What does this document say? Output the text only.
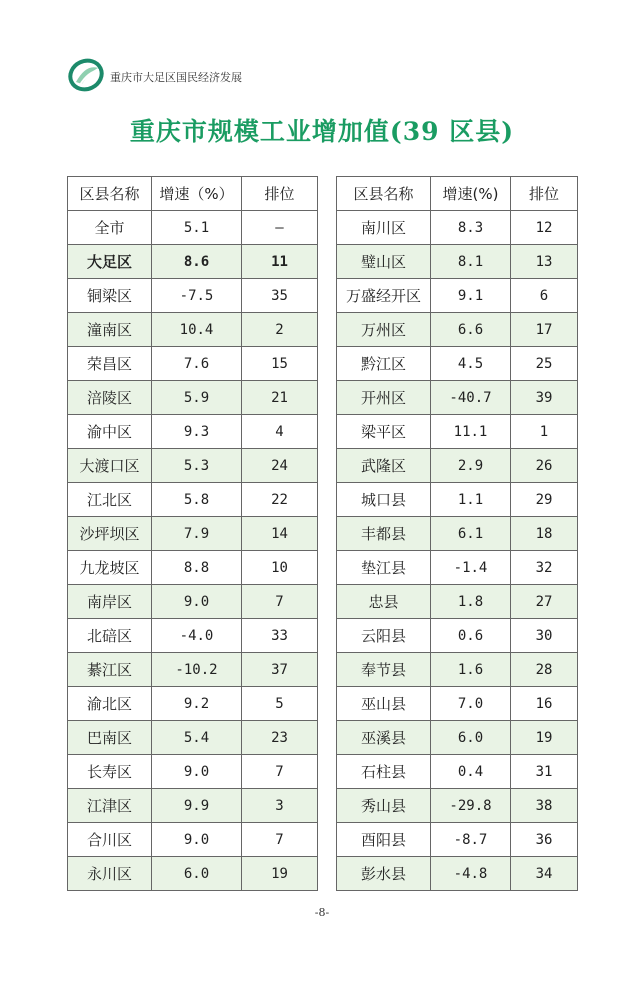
重庆市大足区国民经济发展
重庆市规模工业增加值(39 区县)
区县名称	增速（%）	排位
全市	5.1	—
大足区	8.6	11
铜梁区	-7.5	35
潼南区	10.4	2
荣昌区	7.6	15
涪陵区	5.9	21
渝中区	9.3	4
大渡口区	5.3	24
江北区	5.8	22
沙坪坝区	7.9	14
九龙坡区	8.8	10
南岸区	9.0	7
北碚区	-4.0	33
綦江区	-10.2	37
渝北区	9.2	5
巴南区	5.4	23
长寿区	9.0	7
江津区	9.9	3
合川区	9.0	7
永川区	6.0	19
区县名称	增速(%)	排位
南川区	8.3	12
璧山区	8.1	13
万盛经开区	9.1	6
万州区	6.6	17
黔江区	4.5	25
开州区	-40.7	39
梁平区	11.1	1
武隆区	2.9	26
城口县	1.1	29
丰都县	6.1	18
垫江县	-1.4	32
忠县	1.8	27
云阳县	0.6	30
奉节县	1.6	28
巫山县	7.0	16
巫溪县	6.0	19
石柱县	0.4	31
秀山县	-29.8	38
酉阳县	-8.7	36
彭水县	-4.8	34
-8-
